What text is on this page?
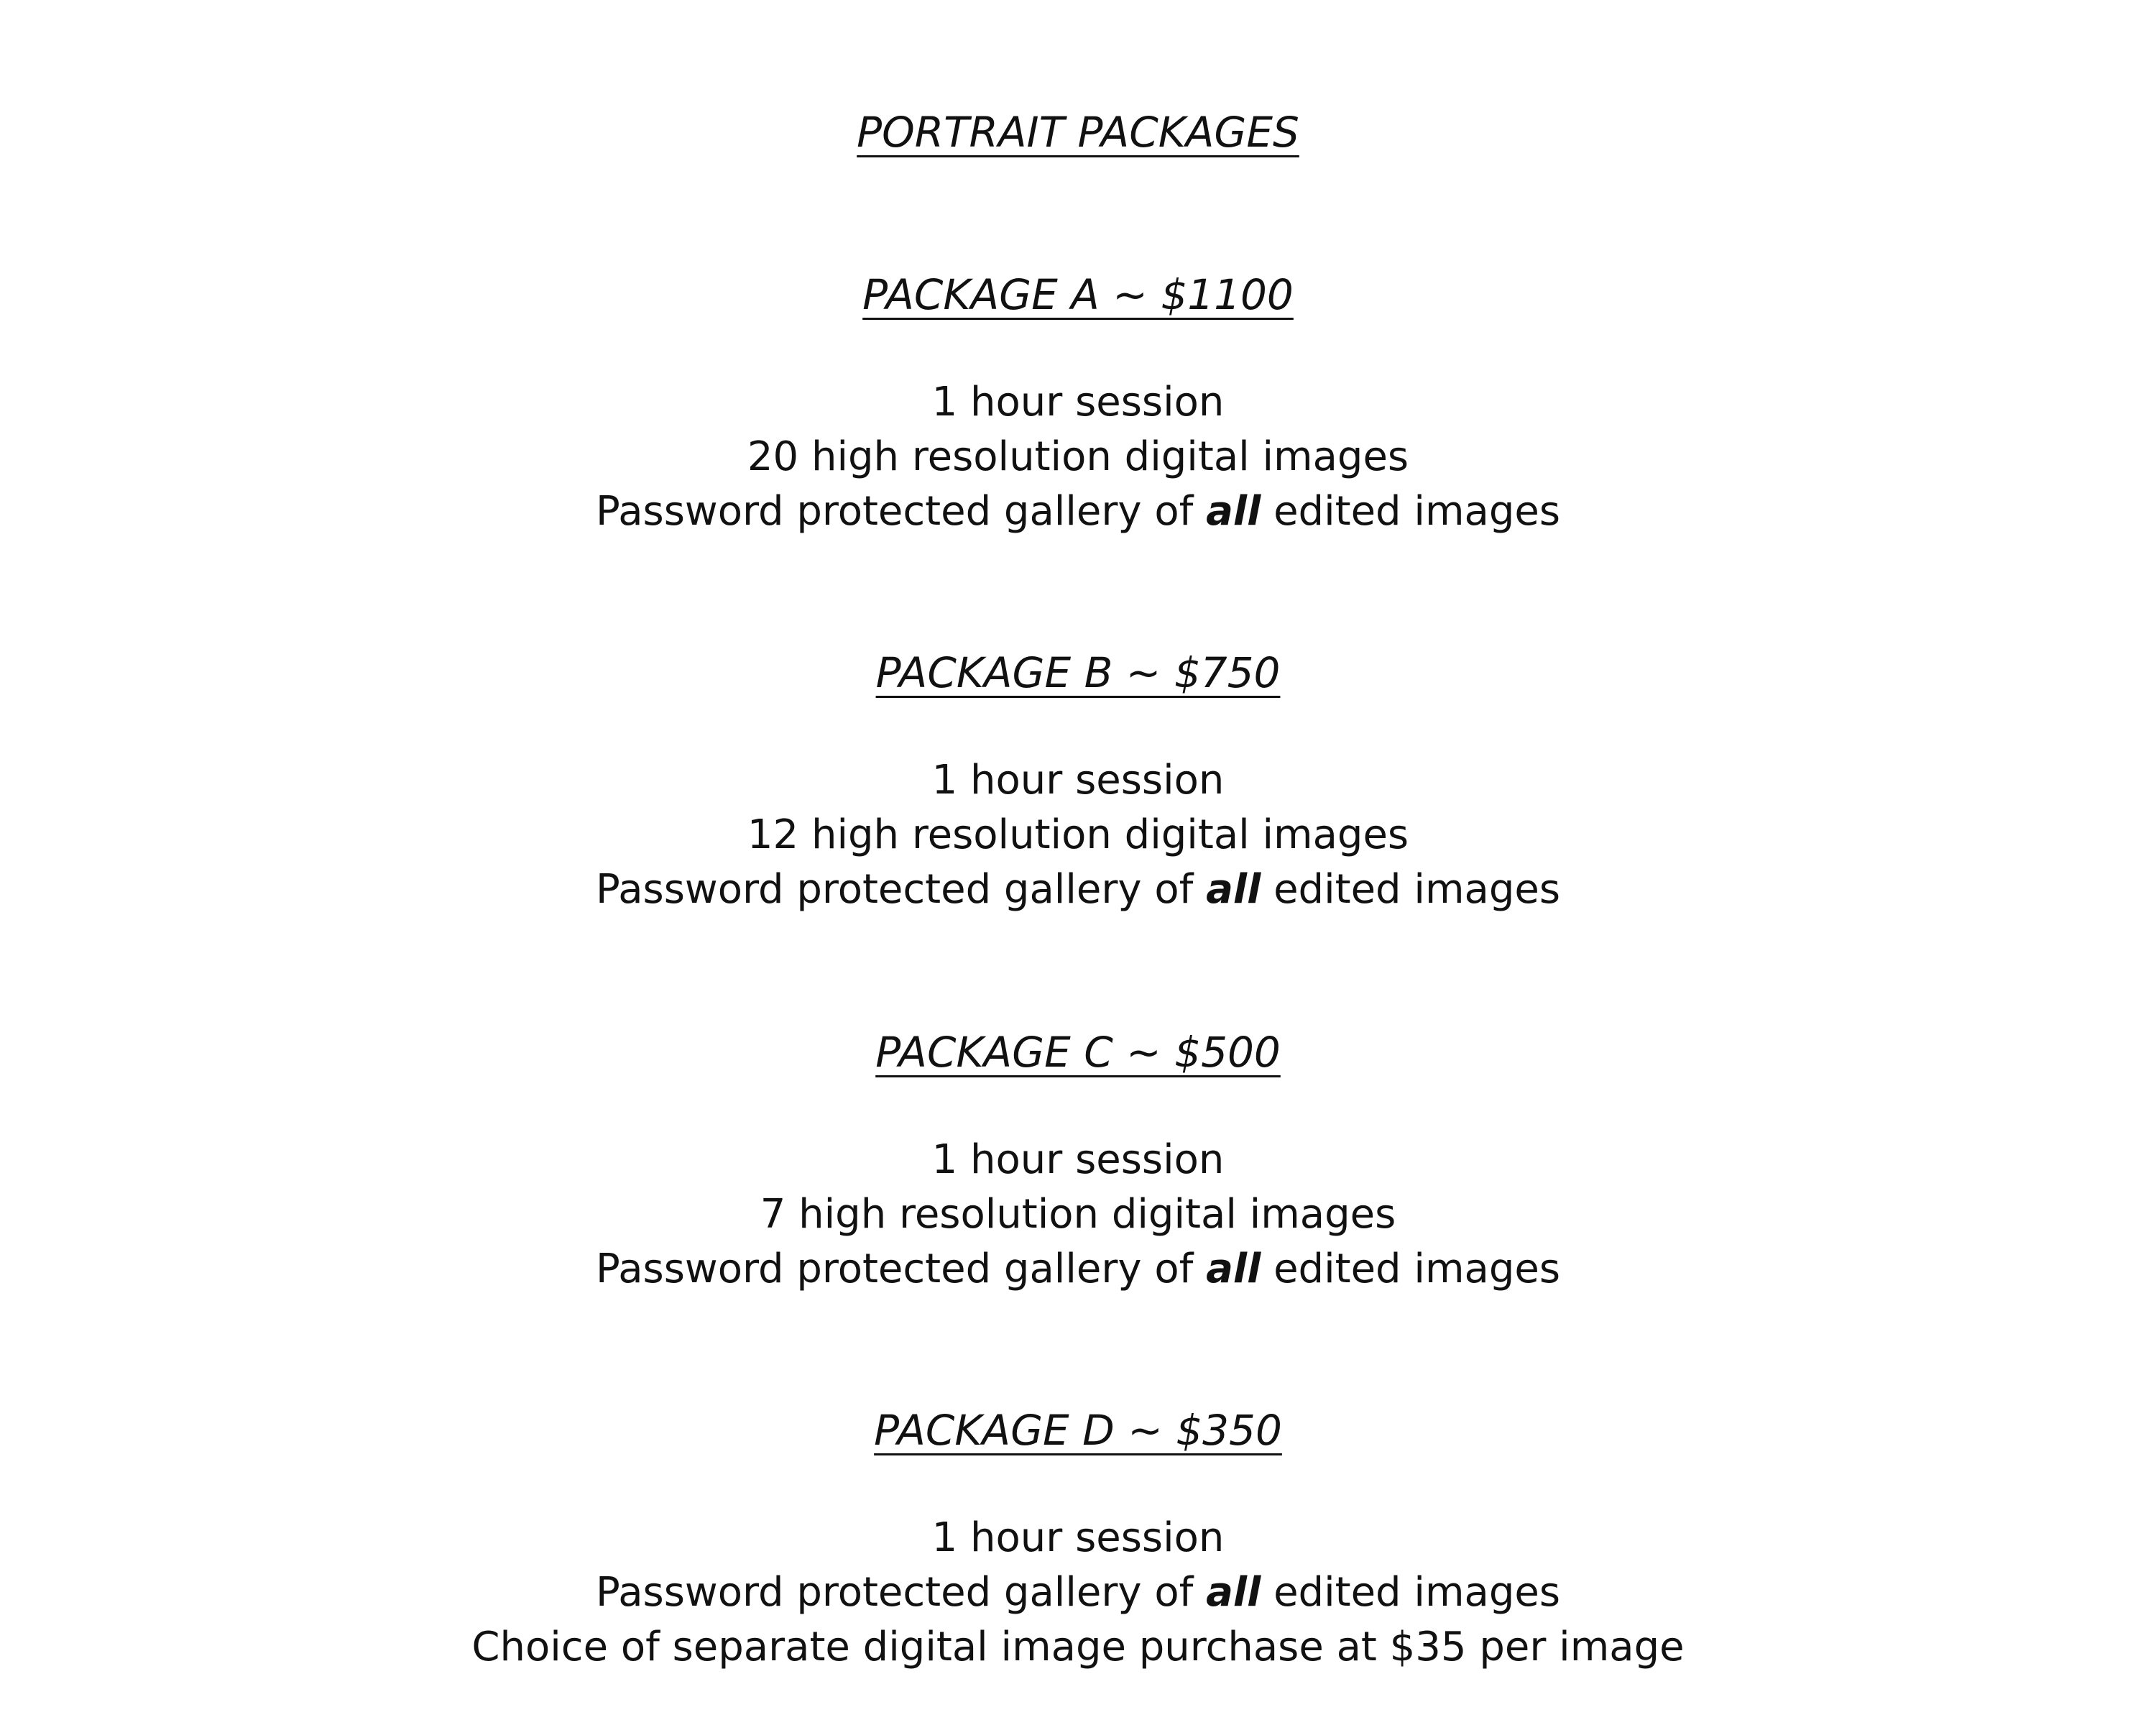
PORTRAIT PACKAGES
PACKAGE A ~ $1100
1 hour session
20 high resolution digital images
Password protected gallery of all edited images
PACKAGE B ~ $750
1 hour session
12 high resolution digital images
Password protected gallery of all edited images
PACKAGE C ~ $500
1 hour session
7 high resolution digital images
Password protected gallery of all edited images
PACKAGE D ~ $350
1 hour session
Password protected gallery of all edited images
Choice of separate digital image purchase at $35 per image
